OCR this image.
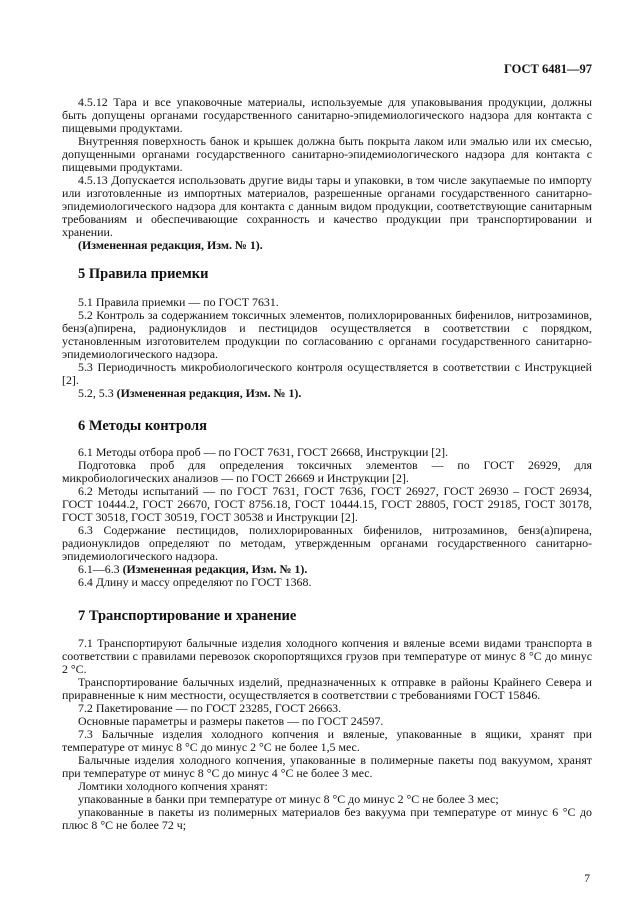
ГОСТ 6481—97

4.5.12 Тара и все упаковочные материалы, используемые для упаковывания продукции, должны быть допущены органами государственного санитарно-эпидемиологического надзора для контакта с пищевыми продуктами.

Внутренняя поверхность банок и крышек должна быть покрыта лаком или эмалью или их смесью, допущенными органами государственного санитарно-эпидемиологического надзора для контакта с пищевыми продуктами.

4.5.13 Допускается использовать другие виды тары и упаковки, в том числе закупаемые по импорту или изготовленные из импортных материалов, разрешенные органами государственного санитарно-эпидемиологического надзора для контакта с данным видом продукции, соответствующие санитарным требованиям и обеспечивающие сохранность и качество продукции при транспортировании и хранении.

(Измененная редакция, Изм. № 1).

5 Правила приемки

5.1 Правила приемки — по ГОСТ 7631.

5.2 Контроль за содержанием токсичных элементов, полихлорированных бифенилов, нитрозаминов, бенз(а)пирена, радионуклидов и пестицидов осуществляется в соответствии с порядком, установленным изготовителем продукции по согласованию с органами государственного санитарно-эпидемиологического надзора.

5.3 Периодичность микробиологического контроля осуществляется в соответствии с Инструкцией [2].

5.2, 5.3 (Измененная редакция, Изм. № 1).

6 Методы контроля

6.1 Методы отбора проб — по ГОСТ 7631, ГОСТ 26668, Инструкции [2].

Подготовка проб для определения токсичных элементов — по ГОСТ 26929, для микробиологических анализов — по ГОСТ 26669 и Инструкции [2].

6.2 Методы испытаний — по ГОСТ 7631, ГОСТ 7636, ГОСТ 26927, ГОСТ 26930 – ГОСТ 26934, ГОСТ 10444.2, ГОСТ 26670, ГОСТ 8756.18, ГОСТ 10444.15, ГОСТ 28805, ГОСТ 29185, ГОСТ 30178, ГОСТ 30518, ГОСТ 30519, ГОСТ 30538 и Инструкции [2].

6.3 Содержание пестицидов, полихлорированных бифенилов, нитрозаминов, бенз(а)пирена, радионуклидов определяют по методам, утвержденным органами государственного санитарно-эпидемиологического надзора.

6.1—6.3 (Измененная редакция, Изм. № 1).

6.4 Длину и массу определяют по ГОСТ 1368.

7 Транспортирование и хранение

7.1 Транспортируют балычные изделия холодного копчения и вяленые всеми видами транспорта в соответствии с правилами перевозок скоропортящихся грузов при температуре от минус 8 °С до минус 2 °С.

Транспортирование балычных изделий, предназначенных к отправке в районы Крайнего Севера и приравненные к ним местности, осуществляется в соответствии с требованиями ГОСТ 15846.

7.2 Пакетирование — по ГОСТ 23285, ГОСТ 26663.

Основные параметры и размеры пакетов — по ГОСТ 24597.

7.3 Балычные изделия холодного копчения и вяленые, упакованные в ящики, хранят при температуре от минус 8 °С до минус 2 °С не более 1,5 мес.

Балычные изделия холодного копчения, упакованные в полимерные пакеты под вакуумом, хранят при температуре от минус 8 °С до минус 4 °С не более 3 мес.

Ломтики холодного копчения хранят:

упакованные в банки при температуре от минус 8 °С до минус 2 °С не более 3 мес;

упакованные в пакеты из полимерных материалов без вакуума при температуре от минус 6 °С до плюс 8 °С не более 72 ч;

7
